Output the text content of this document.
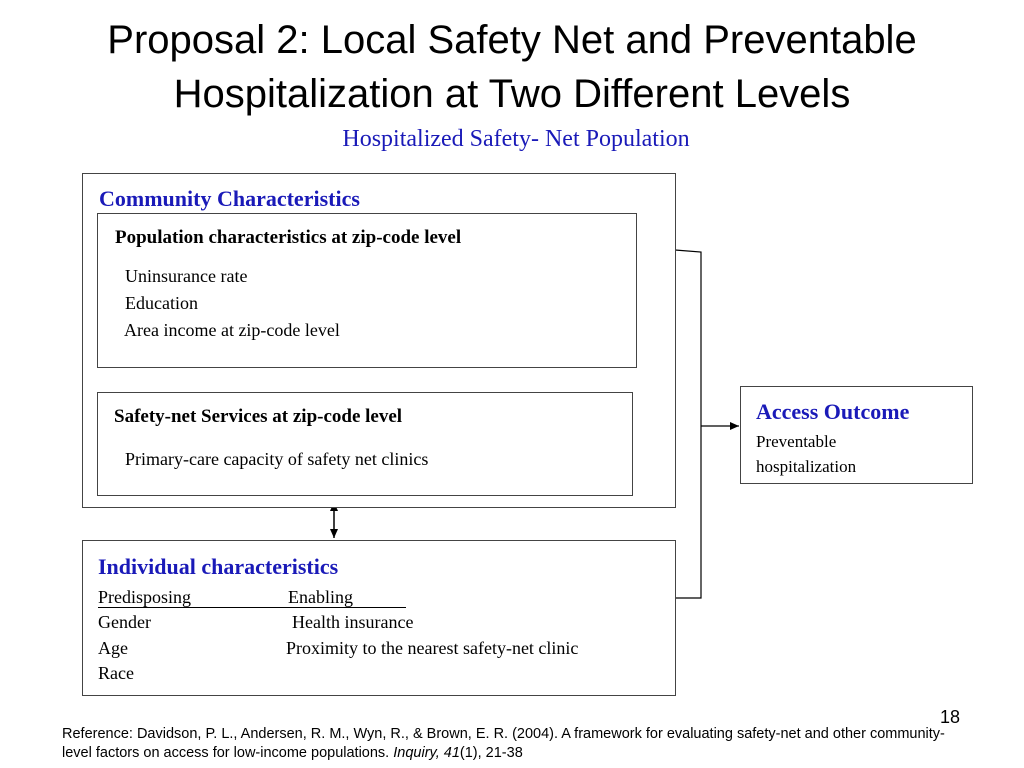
Proposal 2: Local Safety Net and Preventable
Hospitalization at Two Different Levels
Hospitalized Safety- Net Population
Community Characteristics
Population characteristics at zip-code level
Uninsurance rate
Education
Area income at zip-code level
Safety-net Services at zip-code level
Primary-care capacity of safety net clinics
Individual characteristics
Predisposing	Enabling
Gender
Age
Race
Health insurance
Proximity to the nearest safety-net clinic
Access Outcome
Preventable
hospitalization
18
Reference: Davidson, P. L., Andersen, R. M., Wyn, R., & Brown, E. R. (2004). A framework for evaluating safety-net and other community-level factors on access for low-income populations. Inquiry, 41(1), 21-38
